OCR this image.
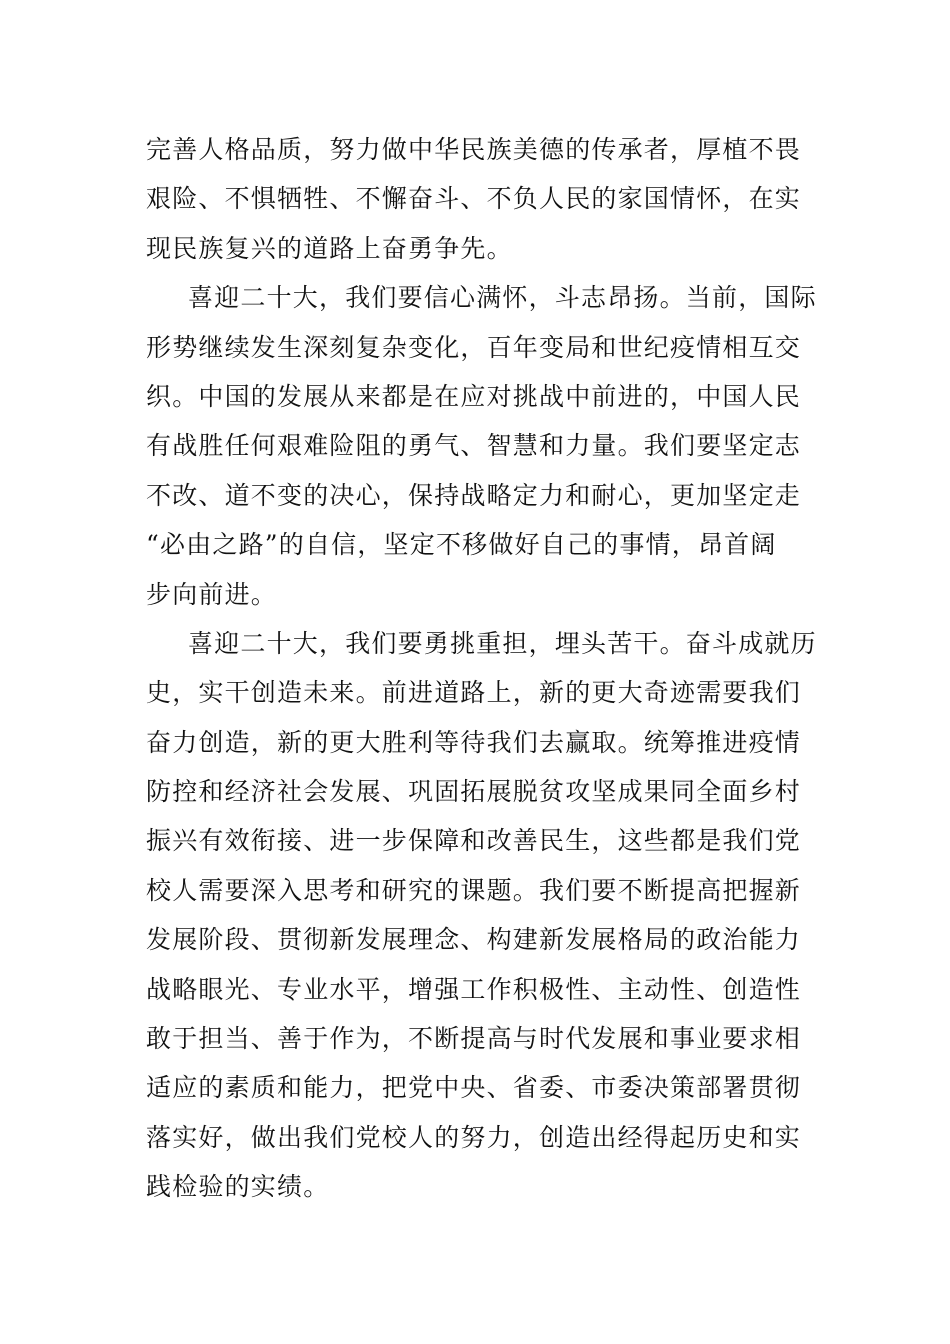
完善人格品质，努力做中华民族美德的传承者，厚植不畏
艰险、不惧牺牲、不懈奋斗、不负人民的家国情怀，在实
现民族复兴的道路上奋勇争先。
喜迎二十大，我们要信心满怀，斗志昂扬。当前，国际
形势继续发生深刻复杂变化，百年变局和世纪疫情相互交
织。中国的发展从来都是在应对挑战中前进的，中国人民
有战胜任何艰难险阻的勇气、智慧和力量。我们要坚定志
不改、道不变的决心，保持战略定力和耐心，更加坚定走
“必由之路”的自信，坚定不移做好自己的事情，昂首阔
步向前进。
喜迎二十大，我们要勇挑重担，埋头苦干。奋斗成就历
史，实干创造未来。前进道路上，新的更大奇迹需要我们
奋力创造，新的更大胜利等待我们去赢取。统筹推进疫情
防控和经济社会发展、巩固拓展脱贫攻坚成果同全面乡村
振兴有效衔接、进一步保障和改善民生，这些都是我们党
校人需要深入思考和研究的课题。我们要不断提高把握新
发展阶段、贯彻新发展理念、构建新发展格局的政治能力
战略眼光、专业水平，增强工作积极性、主动性、创造性
敢于担当、善于作为，不断提高与时代发展和事业要求相
适应的素质和能力，把党中央、省委、市委决策部署贯彻
落实好，做出我们党校人的努力，创造出经得起历史和实
践检验的实绩。
